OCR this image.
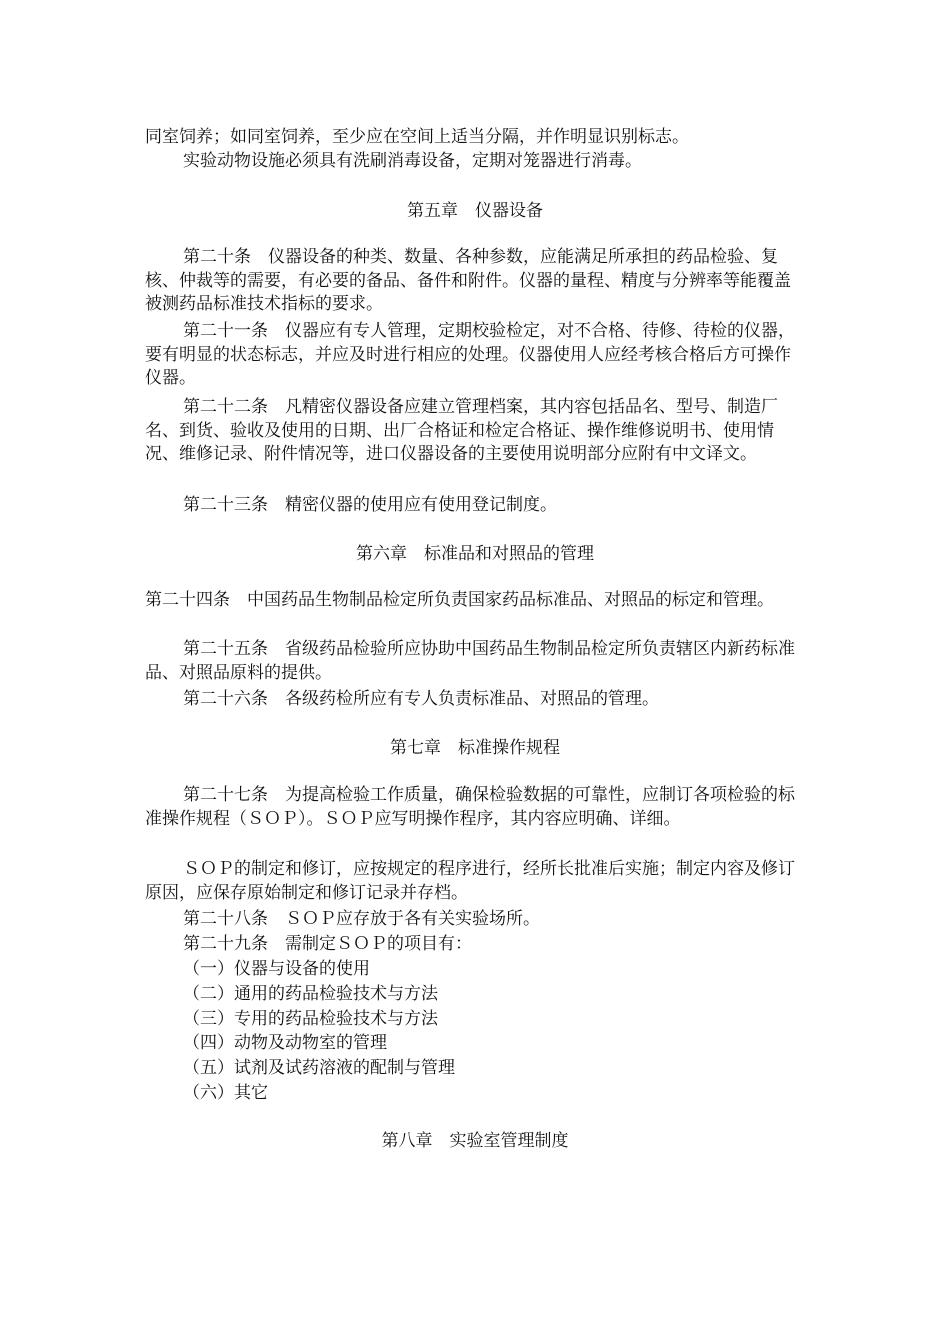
同室饲养；如同室饲养，至少应在空间上适当分隔，并作明显识别标志。

实验动物设施必须具有洗刷消毒设备，定期对笼器进行消毒。

第五章　仪器设备

第二十条　仪器设备的种类、数量、各种参数，应能满足所承担的药品检验、复核、仲裁等的需要，有必要的备品、备件和附件。仪器的量程、精度与分辨率等能覆盖被测药品标准技术指标的要求。

第二十一条　仪器应有专人管理，定期校验检定，对不合格、待修、待检的仪器，要有明显的状态标志，并应及时进行相应的处理。仪器使用人应经考核合格后方可操作仪器。

第二十二条　凡精密仪器设备应建立管理档案，其内容包括品名、型号、制造厂名、到货、验收及使用的日期、出厂合格证和检定合格证、操作维修说明书、使用情况、维修记录、附件情况等，进口仪器设备的主要使用说明部分应附有中文译文。

第二十三条　精密仪器的使用应有使用登记制度。

第六章　标准品和对照品的管理

第二十四条　中国药品生物制品检定所负责国家药品标准品、对照品的标定和管理。

第二十五条　省级药品检验所应协助中国药品生物制品检定所负责辖区内新药标准品、对照品原料的提供。

第二十六条　各级药检所应有专人负责标准品、对照品的管理。

第七章　标准操作规程

第二十七条　为提高检验工作质量，确保检验数据的可靠性，应制订各项检验的标准操作规程（ＳＯＰ）。ＳＯＰ应写明操作程序，其内容应明确、详细。

ＳＯＰ的制定和修订，应按规定的程序进行，经所长批准后实施；制定内容及修订原因，应保存原始制定和修订记录并存档。

第二十八条　ＳＯＰ应存放于各有关实验场所。

第二十九条　需制定ＳＯＰ的项目有：

（一）仪器与设备的使用

（二）通用的药品检验技术与方法

（三）专用的药品检验技术与方法

（四）动物及动物室的管理

（五）试剂及试药溶液的配制与管理

（六）其它

第八章　实验室管理制度
